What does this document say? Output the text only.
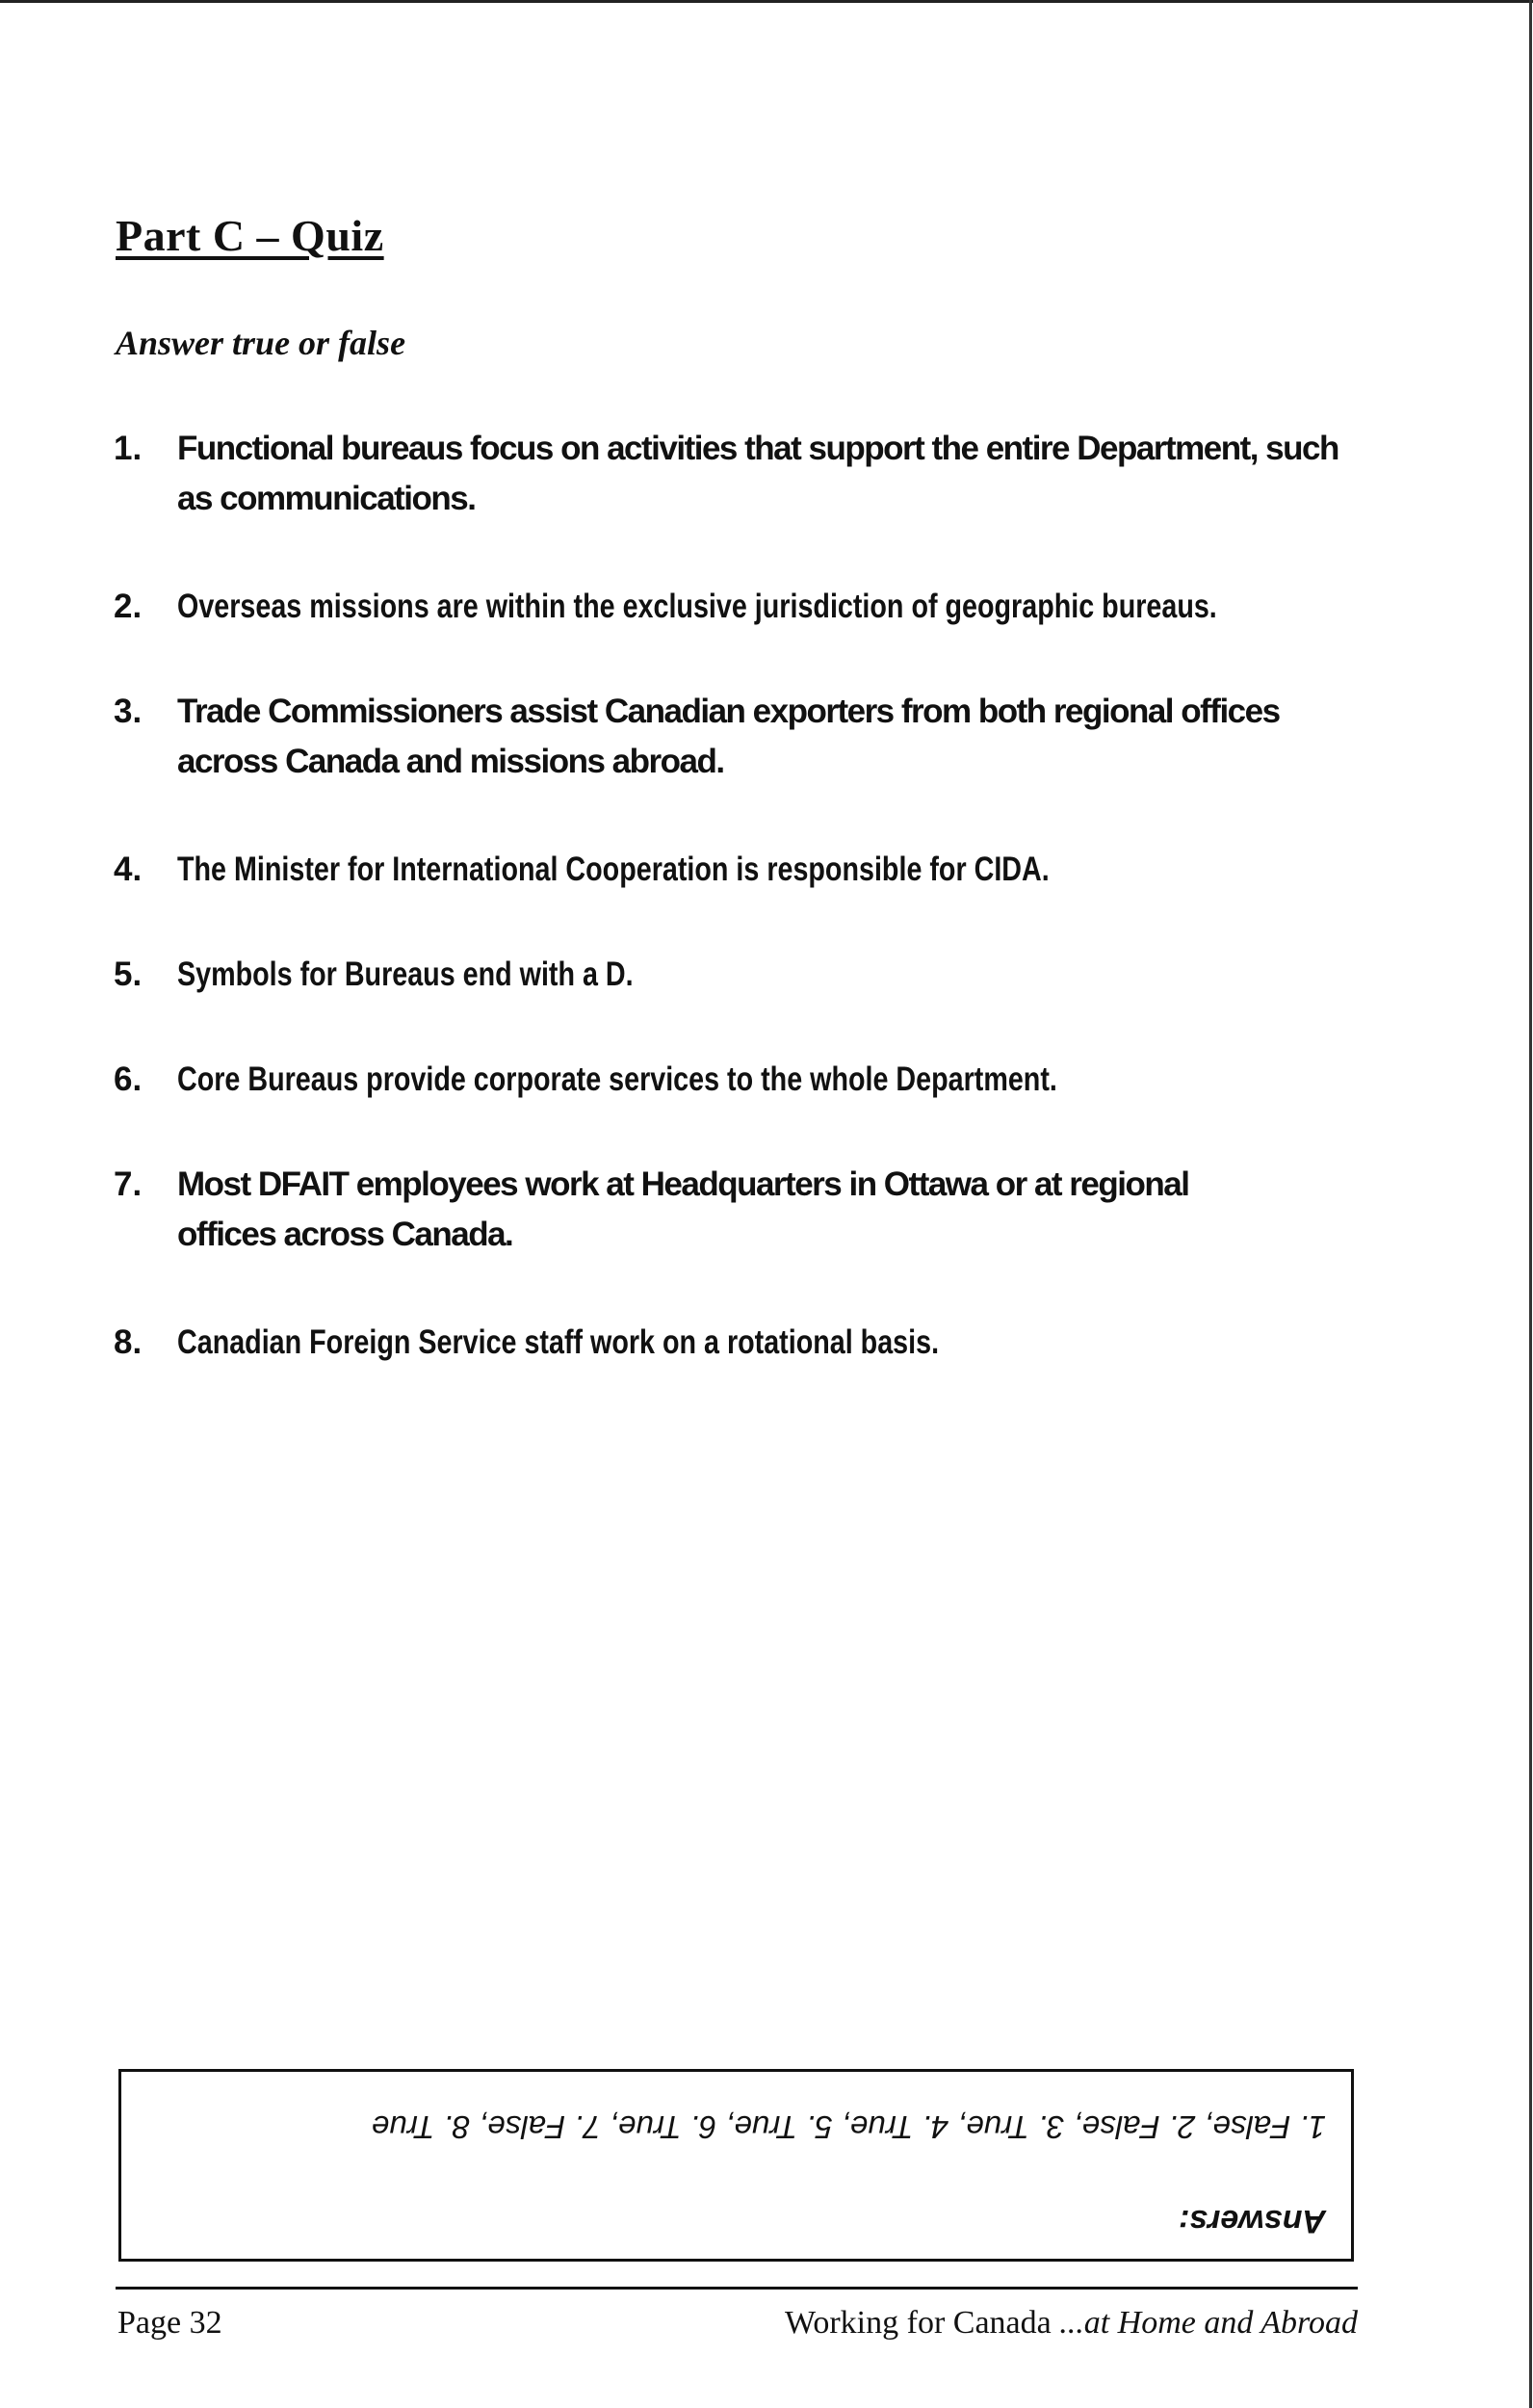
Part C – Quiz

Answer true or false

1.	Functional bureaus focus on activities that support the entire Department, such as communications.
2.	Overseas missions are within the exclusive jurisdiction of geographic bureaus.
3.	Trade Commissioners assist Canadian exporters from both regional offices across Canada and missions abroad.
4.	The Minister for International Cooperation is responsible for CIDA.
5.	Symbols for Bureaus end with a D.
6.	Core Bureaus provide corporate services to the whole Department.
7.	Most DFAIT employees work at Headquarters in Ottawa or at regional offices across Canada.
8.	Canadian Foreign Service staff work on a rotational basis.

Answers:

1. False, 2. False, 3. True, 4. True, 5. True, 6. True, 7. False, 8. True

Page 32	Working for Canada ...at Home and Abroad
